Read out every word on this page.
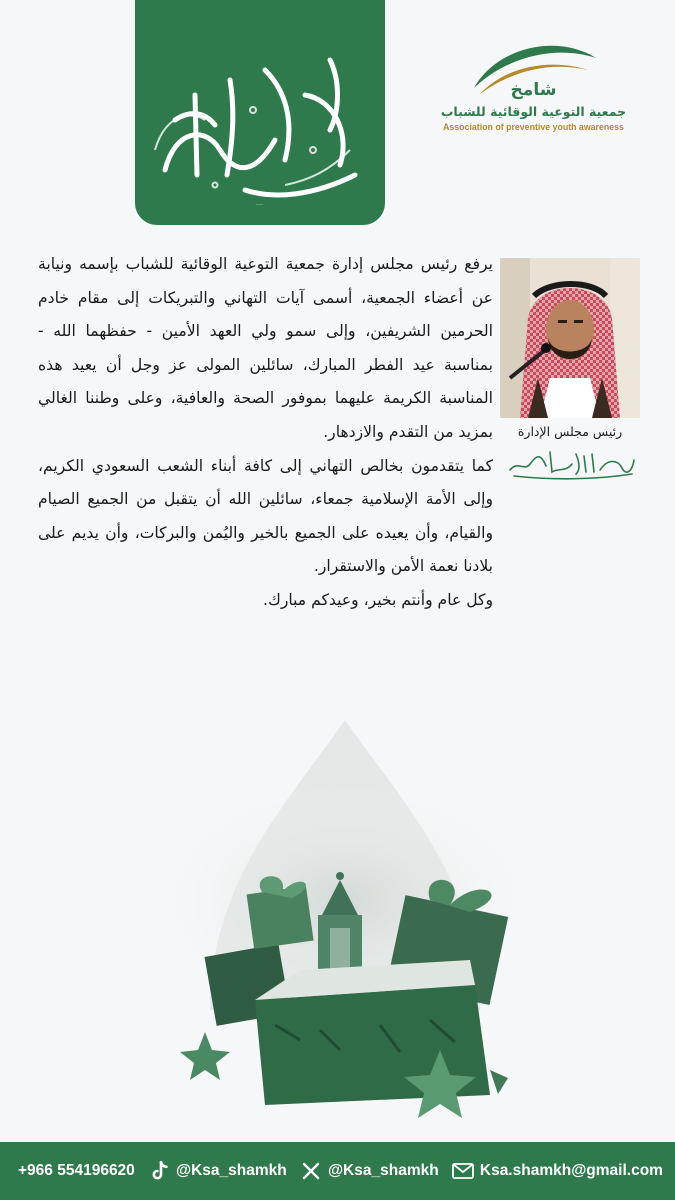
عيد الفطر المبارك
شامخ
جمعية التوعية الوقائية للشباب
Association of preventive youth awareness
رئيس مجلس الإدارة

يرفع رئيس مجلس إدارة جمعية التوعية الوقائية للشباب بإسمه ونيابة عن أعضاء الجمعية، أسمى آيات التهاني والتبريكات إلى مقام خادم الحرمين الشريفين، وإلى سمو ولي العهد الأمين - حفظهما الله - بمناسبة عيد الفطر المبارك، سائلين المولى عز وجل أن يعيد هذه المناسبة الكريمة عليهما بموفور الصحة والعافية، وعلى وطننا الغالي بمزيد من التقدم والازدهار.

كما يتقدمون بخالص التهاني إلى كافة أبناء الشعب السعودي الكريم، وإلى الأمة الإسلامية جمعاء، سائلين الله أن يتقبل من الجميع الصيام والقيام، وأن يعيده على الجميع بالخير واليُمن والبركات، وأن يديم على بلادنا نعمة الأمن والاستقرار.

وكل عام وأنتم بخير، وعيدكم مبارك.

+966 554196620	@Ksa_shamkh	@Ksa_shamkh	Ksa.shamkh@gmail.com
